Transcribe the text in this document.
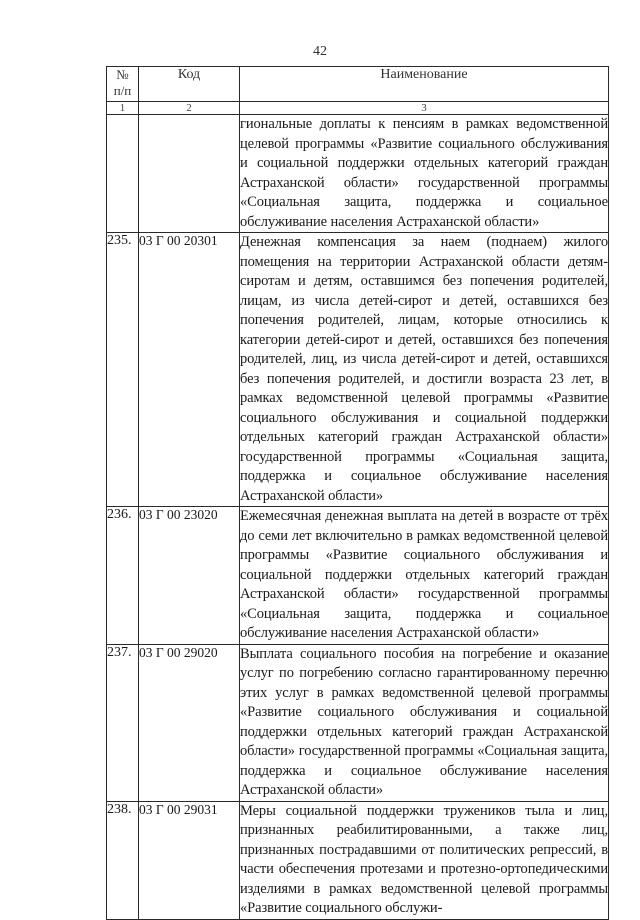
42
№
п/п	Код	Наименование
1	2	3
		гиональные доплаты к пенсиям в рамках ведомственной целевой программы «Развитие социального обслуживания и социальной поддержки отдельных категорий граждан Астраханской области» государственной программы «Социальная защита, поддержка и социальное обслуживание населения Астраханской области»
235.	03 Г 00 20301	Денежная компенсация за наем (поднаем) жилого помещения на территории Астраханской области детям-сиротам и детям, оставшимся без попечения родителей, лицам, из числа детей-сирот и детей, оставшихся без попечения родителей, лицам, которые относились к категории детей-сирот и детей, оставшихся без попечения родителей, лиц, из числа детей-сирот и детей, оставшихся без попечения родителей, и достигли возраста 23 лет, в рамках ведомственной целевой программы «Развитие социального обслуживания и социальной поддержки отдельных категорий граждан Астраханской области» государственной программы «Социальная защита, поддержка и социальное обслуживание населения Астраханской области»
236.	03 Г 00 23020	Ежемесячная денежная выплата на детей в возрасте от трёх до семи лет включительно в рамках ведомственной целевой программы «Развитие социального обслуживания и социальной поддержки отдельных категорий граждан Астраханской области» государственной программы «Социальная защита, поддержка и социальное обслуживание населения Астраханской области»
237.	03 Г 00 29020	Выплата социального пособия на погребение и оказание услуг по погребению согласно гарантированному перечню этих услуг в рамках ведомственной целевой программы «Развитие социального обслуживания и социальной поддержки отдельных категорий граждан Астраханской области» государственной программы «Социальная защита, поддержка и социальное обслуживание населения Астраханской области»
238.	03 Г 00 29031	Меры социальной поддержки тружеников тыла и лиц, признанных реабилитированными, а также лиц, признанных пострадавшими от политических репрессий, в части обеспечения протезами и протезно-ортопедическими изделиями в рамках ведомственной целевой программы «Развитие социального обслужи-
